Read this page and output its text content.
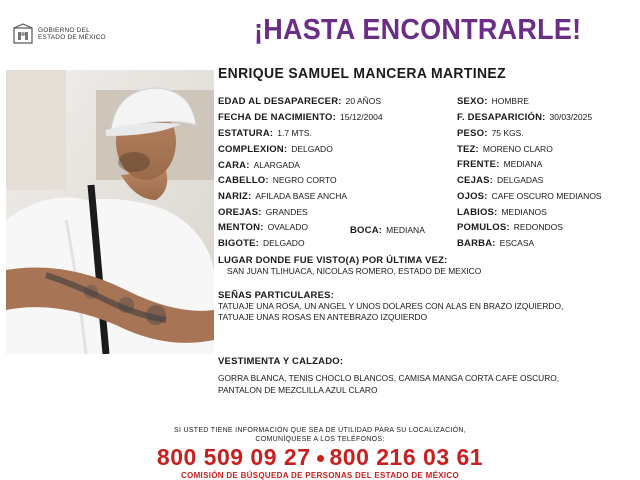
GOBIERNO DEL
ESTADO DE MÉXICO	¡HASTA ENCONTRARLE!
ENRIQUE SAMUEL MANCERA MARTINEZ
EDAD AL DESAPARECER: 20 AÑOS
FECHA DE NACIMIENTO: 15/12/2004
ESTATURA: 1.7 MTS.
COMPLEXION: DELGADO
CARA: ALARGADA
CABELLO: NEGRO CORTO
NARIZ: AFILADA BASE ANCHA
OREJAS: GRANDES
MENTON: OVALADO	BOCA: MEDIANA
BIGOTE: DELGADO
SEXO: HOMBRE
F. DESAPARICIÓN: 30/03/2025
PESO: 75 KGS.
TEZ: MORENO CLARO
FRENTE: MEDIANA
CEJAS: DELGADAS
OJOS: CAFE OSCURO MEDIANOS
LABIOS: MEDIANOS
POMULOS: REDONDOS
BARBA: ESCASA
LUGAR DONDE FUE VISTO(A) POR ÚLTIMA VEZ:
SAN JUAN TLIHUACA, NICOLAS ROMERO, ESTADO DE MEXICO
SEÑAS PARTICULARES:
TATUAJE UNA ROSA, UN ANGEL Y UNOS DOLARES CON ALAS EN BRAZO IZQUIERDO,
TATUAJE UNAS ROSAS EN ANTEBRAZO IZQUIERDO
VESTIMENTA Y CALZADO:
GORRA BLANCA, TENIS CHOCLO BLANCOS, CAMISA MANGA CORTA CAFE OSCURO,
PANTALON DE MEZCLILLA AZUL CLARO
SI USTED TIENE INFORMACIÓN QUE SEA DE UTILIDAD PARA SU LOCALIZACIÓN,
COMUNÍQUESE A LOS TELÉFONOS:
800 509 09 27 800 216 03 61
COMISIÓN DE BÚSQUEDA DE PERSONAS DEL ESTADO DE MÉXICO
